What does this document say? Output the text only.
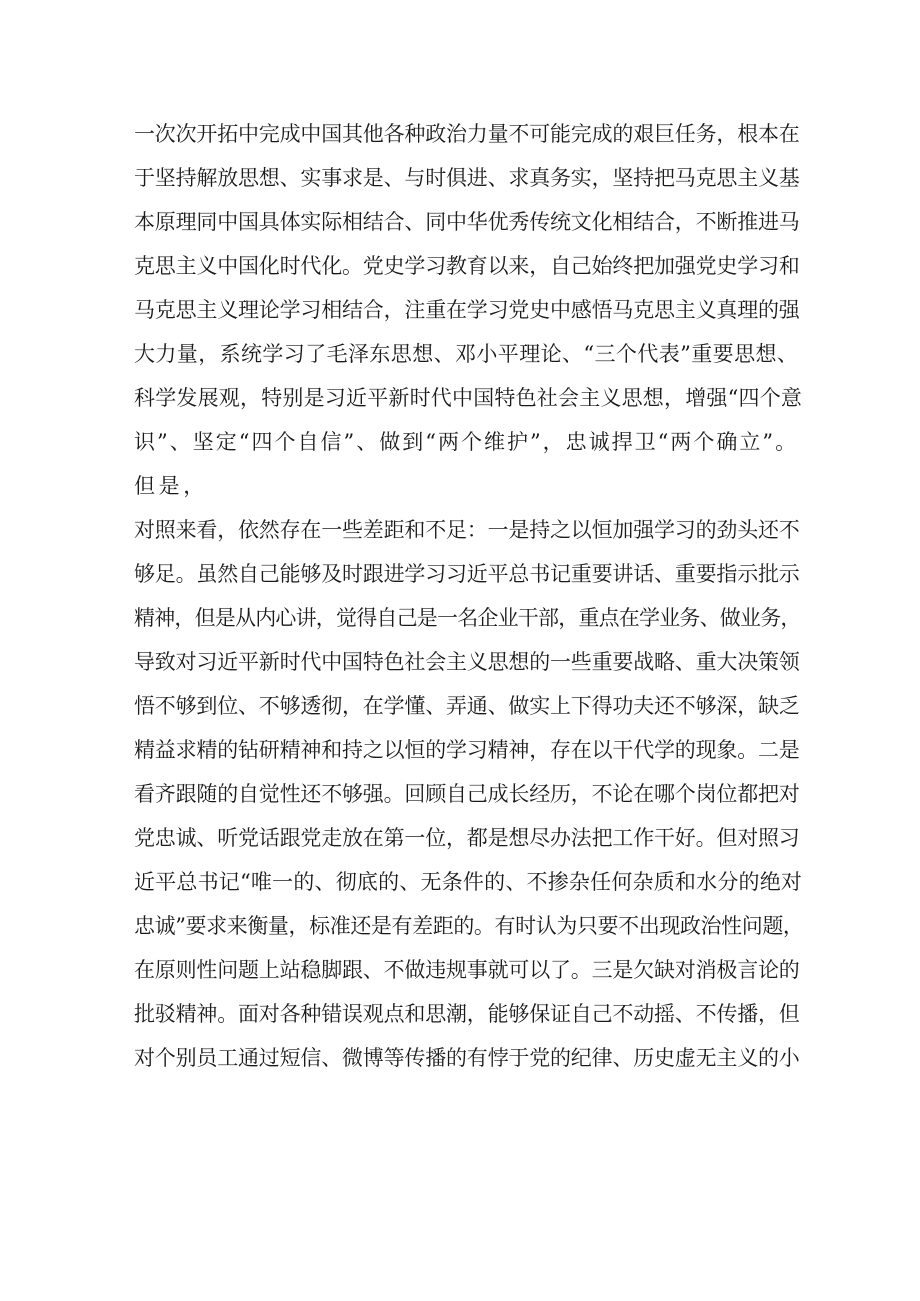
一次次开拓中完成中国其他各种政治力量不可能完成的艰巨任务，根本在

于坚持解放思想、实事求是、与时俱进、求真务实，坚持把马克思主义基

本原理同中国具体实际相结合、同中华优秀传统文化相结合，不断推进马

克思主义中国化时代化。党史学习教育以来，自己始终把加强党史学习和

马克思主义理论学习相结合，注重在学习党史中感悟马克思主义真理的强

大力量，系统学习了毛泽东思想、邓小平理论、“三个代表”重要思想、

科学发展观，特别是习近平新时代中国特色社会主义思想，增强“四个意

识”、坚定“四个自信”、做到“两个维护”，忠诚捍卫“两个确立”。

但是，

对照来看，依然存在一些差距和不足：一是持之以恒加强学习的劲头还不

够足。虽然自己能够及时跟进学习习近平总书记重要讲话、重要指示批示

精神，但是从内心讲，觉得自己是一名企业干部，重点在学业务、做业务，

导致对习近平新时代中国特色社会主义思想的一些重要战略、重大决策领

悟不够到位、不够透彻，在学懂、弄通、做实上下得功夫还不够深，缺乏

精益求精的钻研精神和持之以恒的学习精神，存在以干代学的现象。二是

看齐跟随的自觉性还不够强。回顾自己成长经历，不论在哪个岗位都把对

党忠诚、听党话跟党走放在第一位，都是想尽办法把工作干好。但对照习

近平总书记“唯一的、彻底的、无条件的、不掺杂任何杂质和水分的绝对

忠诚”要求来衡量，标准还是有差距的。有时认为只要不出现政治性问题，

在原则性问题上站稳脚跟、不做违规事就可以了。三是欠缺对消极言论的

批驳精神。面对各种错误观点和思潮，能够保证自己不动摇、不传播，但

对个别员工通过短信、微博等传播的有悖于党的纪律、历史虚无主义的小
